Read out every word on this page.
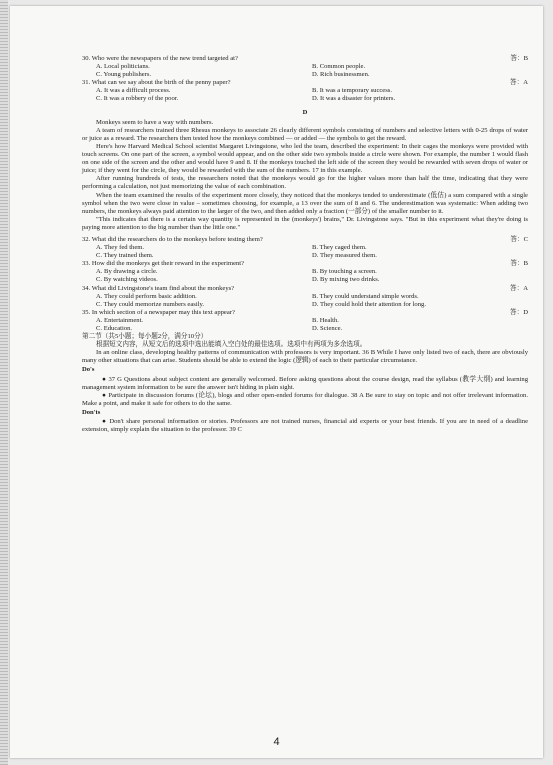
30. Who were the newspapers of the new trend targeted at?	答：B
A. Local politicians.	B. Common people.
C. Young publishers.	D. Rich businessmen.
31. What can we say about the birth of the penny paper?	答：A
A. It was a difficult process.	B. It was a temporary success.
C. It was a robbery of the poor.	D. It was a disaster for printers.
D

Monkeys seem to have a way with numbers.

A team of researchers trained three Rhesus monkeys to associate 26 clearly different symbols consisting of numbers and selective letters with 0-25 drops of water or juice as a reward. The researchers then tested how the monkeys combined — or added — the symbols to get the reward.

Here's how Harvard Medical School scientist Margaret Livingstone, who led the team, described the experiment: In their cages the monkeys were provided with touch screens. On one part of the screen, a symbol would appear, and on the other side two symbols inside a circle were shown. For example, the number 1 would flash on one side of the screen and the other and would have 9 and 8. If the monkeys touched the left side of the screen they would be rewarded with seven drops of water or juice; if they went for the circle, they would be rewarded with the sum of the numbers. 17 in this example.

After running hundreds of tests, the researchers noted that the monkeys would go for the higher values more than half the time, indicating that they were performing a calculation, not just memorizing the value of each combination.

When the team examined the results of the experiment more closely, they noticed that the monkeys tended to underestimate (低估) a sum compared with a single symbol when the two were close in value – sometimes choosing, for example, a 13 over the sum of 8 and 6. The underestimation was systematic: When adding two numbers, the monkeys always paid attention to the larger of the two, and then added only a fraction (一部分) of the smaller number to it.

"This indicates that there is a certain way quantity is represented in the (monkeys') brains," Dr. Livingstone says. "But in this experiment what they're doing is paying more attention to the big number than the little one."

32. What did the researchers do to the monkeys before testing them?	答：C
A. They fed them.	B. They caged them.
C. They trained them.	D. They measured them.
33. How did the monkeys get their reward in the experiment?	答：B
A. By drawing a circle.	B. By touching a screen.
C. By watching videos.	D. By mixing two drinks.
34. What did Livingstone's team find about the monkeys?	答：A
A. They could perform basic addition.	B. They could understand simple words.
C. They could memorize numbers easily.	D. They could hold their attention for long.
35. In which section of a newspaper may this text appear?	答：D
A. Entertainment.	B. Health.
C. Education.	D. Science.
第二节（共5小题；每小题2分，满分10分）

根据短文内容，从短文后的选项中选出能填入空白处的最佳选项。选项中有两项为多余选项。

In an online class, developing healthy patterns of communication with professors is very important. 36 B While I have only listed two of each, there are obviously many other situations that can arise. Students should be able to extend the logic (逻辑) of each to their particular circumstance.

Do's

● 37 G Questions about subject content are generally welcomed. Before asking questions about the course design, read the syllabus (教学大纲) and learning management system information to be sure the answer isn't hiding in plain sight.

● Participate in discussion forums (论坛), blogs and other open-ended forums for dialogue. 38 A Be sure to stay on topic and not offer irrelevant information. Make a point, and make it safe for others to do the same.

Don'ts

● Don't share personal information or stories. Professors are not trained nurses, financial aid experts or your best friends. If you are in need of a deadline extension, simply explain the situation to the professor. 39 C

4
